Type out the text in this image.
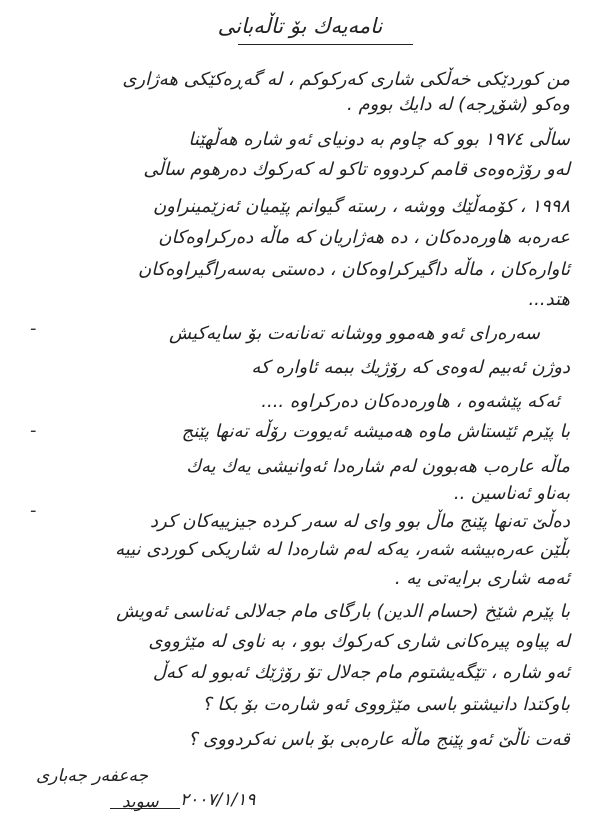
نامه‌یه‌ك بۆ تاڵه‌بانی
من كوردێكی خه‌ڵكی شاری كه‌ركوكم ، له‌ گه‌ڕه‌كێكی هه‌ژاری
وه‌كو (شۆڕجه‌) له‌ دایك بووم .
ساڵی ١٩٧٤ بوو كه‌ چاوم به‌ دونیای ئه‌و شاره‌ هه‌ڵهێنا
له‌و رۆژه‌وه‌ی قامم كردووه‌ تاكو له‌ كه‌ركوك ده‌رهوم ساڵی
١٩٩٨ ، كۆمه‌ڵێك ووشه‌ ، رسته‌ گیوانم پێمیان ئه‌زێمینراون
عه‌ره‌به‌ هاوره‌ده‌كان ، ده‌ هه‌ژاریان كه‌ ماڵه‌ ده‌ركراوه‌كان
ئاواره‌كان ، ماڵه‌ داگیركراوه‌كان ، ده‌ستی به‌سه‌راگیراوه‌كان
هتد...
-	سه‌ره‌رای ئه‌و هه‌موو ووشانه‌ ته‌نانه‌ت بۆ سایه‌كیش
دوژن ئه‌بیم له‌وه‌ی كه‌ رۆژیك ببمه‌ ئاواره‌ كه‌
ئه‌كه‌ پێشه‌وه‌ ، هاوره‌ده‌كان ده‌ركراوه‌ ....
-	با پێرم ئێستاش ماوه‌ هه‌میشه‌ ئه‌یووت رۆڵه‌ ته‌نها پێنج
ماڵه‌ عاره‌ب هه‌بوون له‌م شاره‌دا ئه‌وانیشی یه‌ك یه‌ك
به‌ناو ئه‌ناسین ..
-
ده‌ڵێ ته‌نها پێنج ماڵ بوو وای له‌ سه‌ر كرده‌ جیزییه‌كان كرد
بڵێن عه‌ره‌بیشه‌ شه‌ر، یه‌كه‌ له‌م شاره‌دا له‌ شاریكی كوردی نییه‌
ئه‌مه‌ شاری برایه‌تی یه‌ .
با پێرم شێخ (حسام الدین) بارگای مام جه‌لالی ئه‌ناسی ئه‌ویش
له‌ پیاوه‌ پیره‌كانی شاری كه‌ركوك بوو ، به‌ ناوی له‌ مێژووی
ئه‌و شاره‌ ، تێگه‌یشتوم مام جه‌لال تۆ رۆژێك ئه‌بوو له‌ كه‌ڵ
باوكتدا دانیشتو باسی مێژووی ئه‌و شاره‌ت بۆ بكا ؟
قه‌ت ناڵێ ئه‌و پێنج ماڵه‌ عاره‌بی بۆ باس نه‌كردووی ؟
جه‌عفه‌ر جه‌باری
سوید ٢٠٠٧/١/١٩
